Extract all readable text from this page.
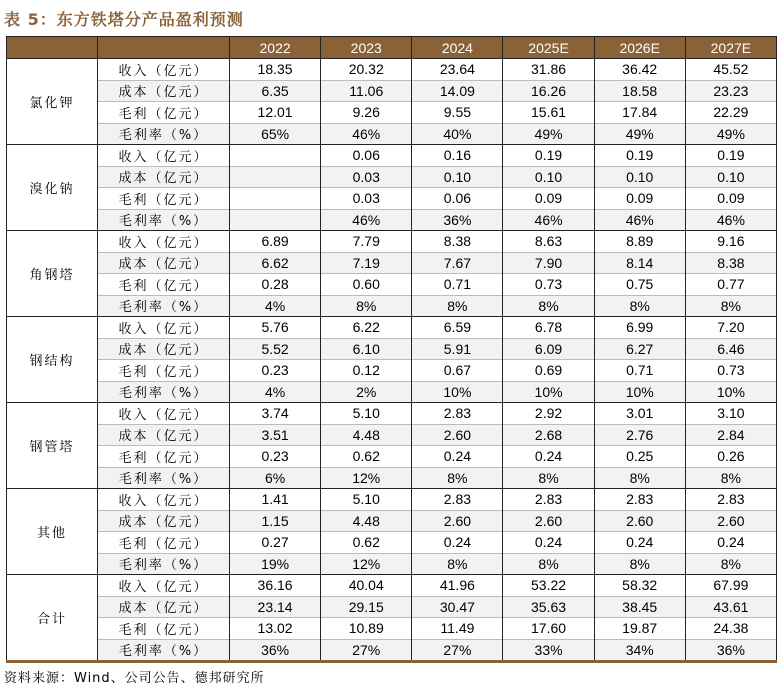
表 5：东方铁塔分产品盈利预测
		2022	2023	2024	2025E	2026E	2027E
氯化钾	收入（亿元）	18.35	20.32	23.64	31.86	36.42	45.52
	成本（亿元）	6.35	11.06	14.09	16.26	18.58	23.23
	毛利（亿元）	12.01	9.26	9.55	15.61	17.84	22.29
	毛利率（%）	65%	46%	40%	49%	49%	49%
溴化钠	收入（亿元）		0.06	0.16	0.19	0.19	0.19
	成本（亿元）		0.03	0.10	0.10	0.10	0.10
	毛利（亿元）		0.03	0.06	0.09	0.09	0.09
	毛利率（%）		46%	36%	46%	46%	46%
角钢塔	收入（亿元）	6.89	7.79	8.38	8.63	8.89	9.16
	成本（亿元）	6.62	7.19	7.67	7.90	8.14	8.38
	毛利（亿元）	0.28	0.60	0.71	0.73	0.75	0.77
	毛利率（%）	4%	8%	8%	8%	8%	8%
钢结构	收入（亿元）	5.76	6.22	6.59	6.78	6.99	7.20
	成本（亿元）	5.52	6.10	5.91	6.09	6.27	6.46
	毛利（亿元）	0.23	0.12	0.67	0.69	0.71	0.73
	毛利率（%）	4%	2%	10%	10%	10%	10%
钢管塔	收入（亿元）	3.74	5.10	2.83	2.92	3.01	3.10
	成本（亿元）	3.51	4.48	2.60	2.68	2.76	2.84
	毛利（亿元）	0.23	0.62	0.24	0.24	0.25	0.26
	毛利率（%）	6%	12%	8%	8%	8%	8%
其他	收入（亿元）	1.41	5.10	2.83	2.83	2.83	2.83
	成本（亿元）	1.15	4.48	2.60	2.60	2.60	2.60
	毛利（亿元）	0.27	0.62	0.24	0.24	0.24	0.24
	毛利率（%）	19%	12%	8%	8%	8%	8%
合计	收入（亿元）	36.16	40.04	41.96	53.22	58.32	67.99
	成本（亿元）	23.14	29.15	30.47	35.63	38.45	43.61
	毛利（亿元）	13.02	10.89	11.49	17.60	19.87	24.38
	毛利率（%）	36%	27%	27%	33%	34%	36%
资料来源：Wind、公司公告、德邦研究所
